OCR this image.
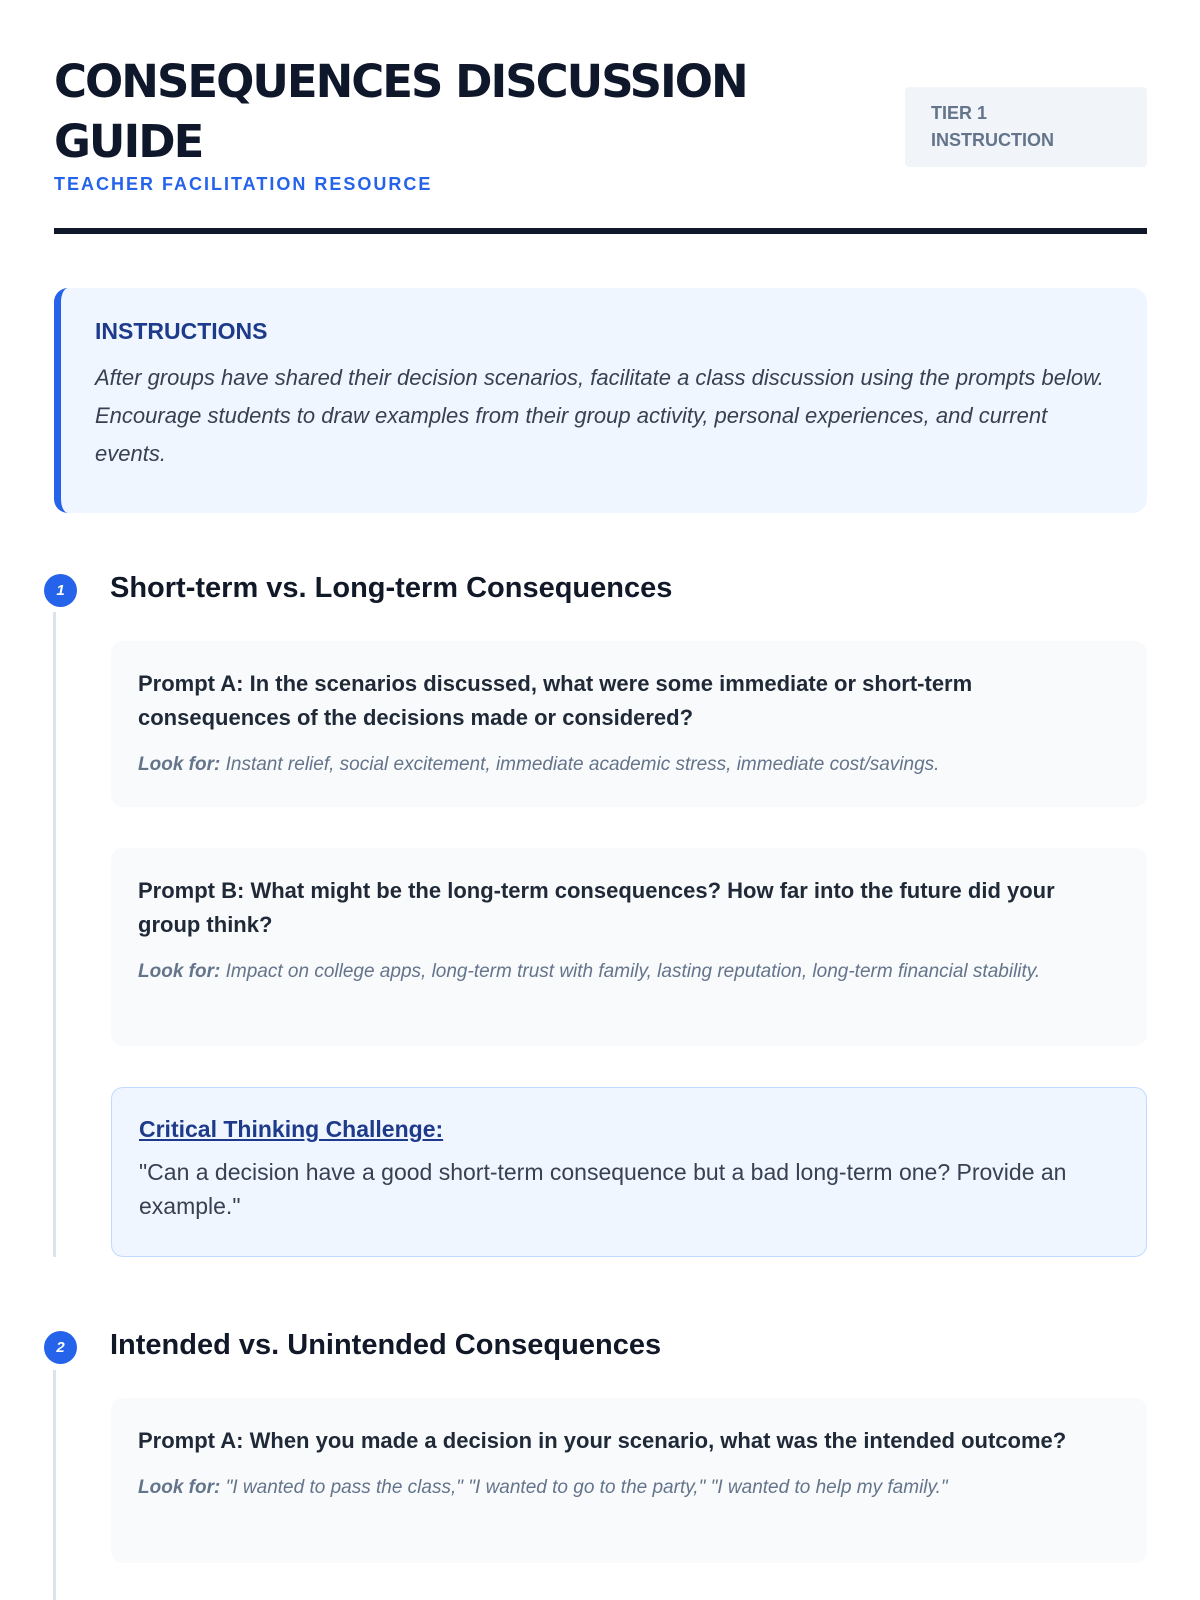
CONSEQUENCES DISCUSSION GUIDE
TEACHER FACILITATION RESOURCE
TIER 1
INSTRUCTION
INSTRUCTIONS
After groups have shared their decision scenarios, facilitate a class discussion using the prompts below. Encourage students to draw examples from their group activity, personal experiences, and current events.
1	Short-term vs. Long-term Consequences
Prompt A: In the scenarios discussed, what were some immediate or short-term consequences of the decisions made or considered?
Look for: Instant relief, social excitement, immediate academic stress, immediate cost/savings.
Prompt B: What might be the long-term consequences? How far into the future did your group think?
Look for: Impact on college apps, long-term trust with family, lasting reputation, long-term financial stability.
Critical Thinking Challenge:
"Can a decision have a good short-term consequence but a bad long-term one? Provide an example."
2	Intended vs. Unintended Consequences
Prompt A: When you made a decision in your scenario, what was the intended outcome?
Look for: "I wanted to pass the class," "I wanted to go to the party," "I wanted to help my family."
